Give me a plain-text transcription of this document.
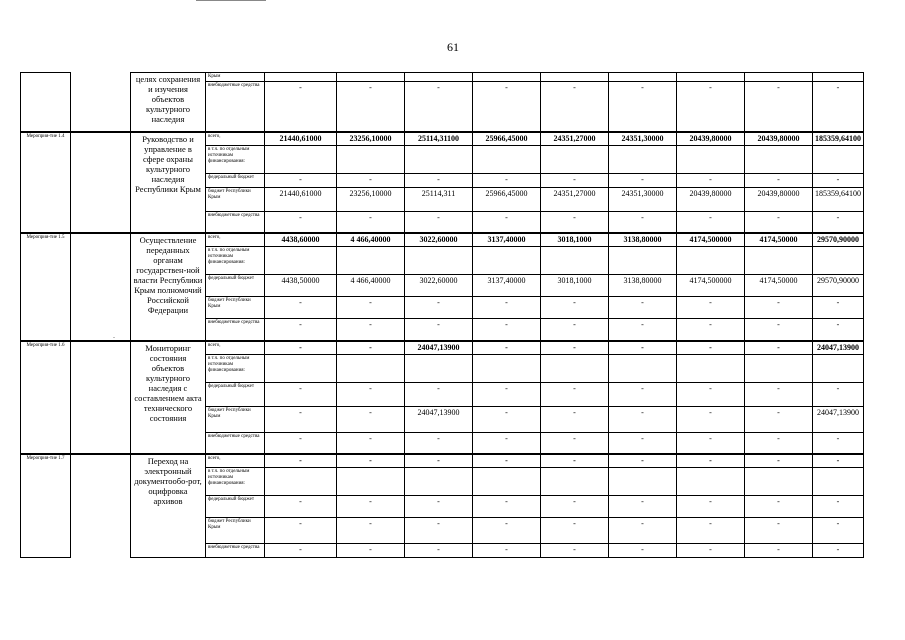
61
-
		целях сохранения и изучения объектов культурного наследия	Крым									
			внебюджетные средства	-	-	-	-	-	-	-	-	-
Мероприя-тие 1.4		Руководство и управление в сфере охраны культурного наследия Республики Крым	всего,	21440,61000	23256,10000	25114,31100	25966,45000	24351,27000	24351,30000	20439,80000	20439,80000	185359,64100
			в т.ч. по отдельным источникам финансирования:									
			федеральный бюджет	-	-	-	-	-	-	-	-	-
			бюджет Республики Крым	21440,61000	23256,10000	25114,311	25966,45000	24351,27000	24351,30000	20439,80000	20439,80000	185359,64100
			внебюджетные средства	-	-	-	-	-	-	-	-	-
Мероприя-тие 1.5		Осуществление переданных органам государствен-ной власти Республики Крым полномочий Российской Федерации	всего,	4438,60000	4 466,40000	3022,60000	3137,40000	3018,1000	3138,80000	4174,500000	4174,50000	29570,90000
			в т.ч. по отдельным источникам финансирования:									
			федеральный бюджет	4438,50000	4 466,40000	3022,60000	3137,40000	3018,1000	3138,80000	4174,500000	4174,50000	29570,90000
			бюджет Республики Крым	-	-	-	-	-	-	-	-	-
			внебюджетные средства	-	-	-	-	-	-	-	-	-
Мероприя-тие 1.6		Мониторинг состояния объектов культурного наследия с составлением акта технического состояния	всего,	-	-	24047,13900	-	-	-	-	-	24047,13900
			в т.ч. по отдельным источникам финансирования:									
			федеральный бюджет	-	-	-	-	-	-	-	-	-
			бюджет Республики Крым	-	-	24047,13900	-	-	-	-	-	24047,13900
			внебюджетные средства	-	-	-	-	-	-	-	-	-
Мероприя-тие 1.7		Переход на электронный документообо-рот, оцифровка архивов	всего,	-	-	-	-	-	-	-	-	-
			в т.ч. по отдельным источникам финансирования:									
			федеральный бюджет	-	-	-	-	-	-	-	-	-
			бюджет Республики Крым	-	-	-	-	-	-	-	-	-
			внебюджетные средства	-	-	-	-	-	-	-	-	-
